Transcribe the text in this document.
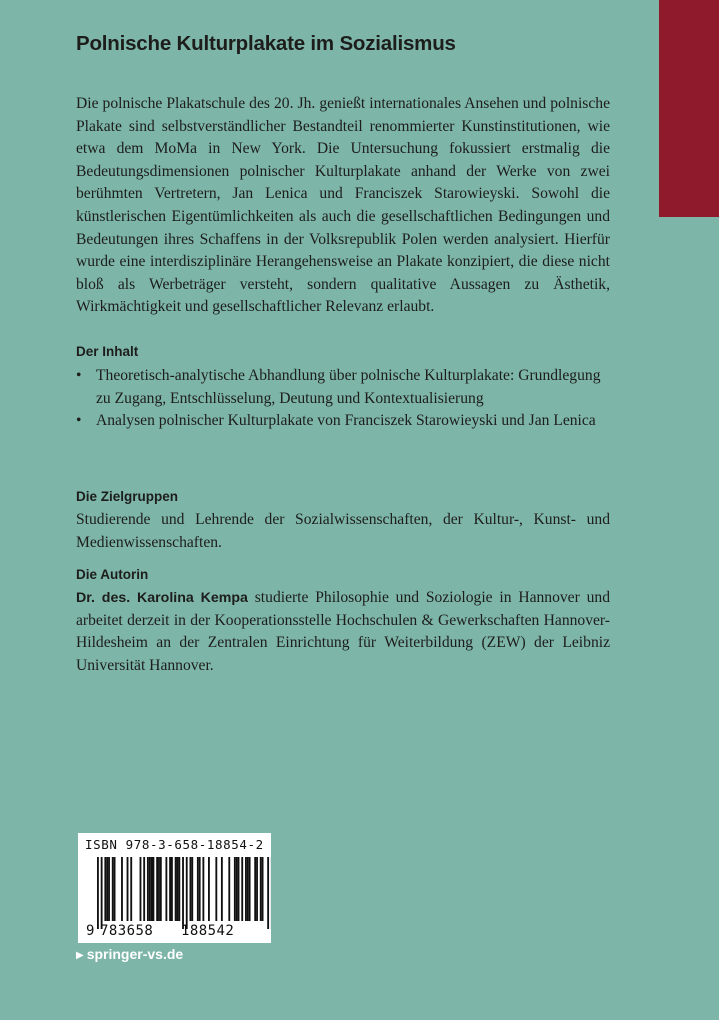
Polnische Kulturplakate im Sozialismus

Die polnische Plakatschule des 20. Jh. genießt internationales Ansehen und polnische Plakate sind selbstverständlicher Bestandteil renommierter Kunstinstitutionen, wie etwa dem MoMa in New York. Die Untersuchung fokussiert erstmalig die Bedeutungsdimensionen polnischer Kulturplakate anhand der Werke von zwei berühmten Vertretern, Jan Lenica und Franciszek Starowieyski. Sowohl die künstlerischen Eigentümlichkeiten als auch die gesellschaftlichen Bedingungen und Bedeutungen ihres Schaffens in der Volksrepublik Polen werden analysiert. Hierfür wurde eine interdisziplinäre Herangehensweise an Plakate konzipiert, die diese nicht bloß als Werbeträger versteht, sondern qualitative Aussagen zu Ästhetik, Wirkmächtigkeit und gesellschaftlicher Relevanz erlaubt.

Der Inhalt
• Theoretisch-analytische Abhandlung über polnische Kulturplakate: Grundlegung zu Zugang, Entschlüsselung, Deutung und Kontextualisierung
• Analysen polnischer Kulturplakate von Franciszek Starowieyski und Jan Lenica
Die Zielgruppen

Studierende und Lehrende der Sozialwissenschaften, der Kultur-, Kunst- und Medienwissenschaften.

Die Autorin

Dr. des. Karolina Kempa studierte Philosophie und Soziologie in Hannover und arbeitet derzeit in der Kooperationsstelle Hochschulen & Gewerkschaften Hannover-Hildesheim an der Zentralen Einrichtung für Weiterbildung (ZEW) der Leibniz Universität Hannover.

ISBN 978-3-658-18854-2
9 783658 188542
▶ springer-vs.de
